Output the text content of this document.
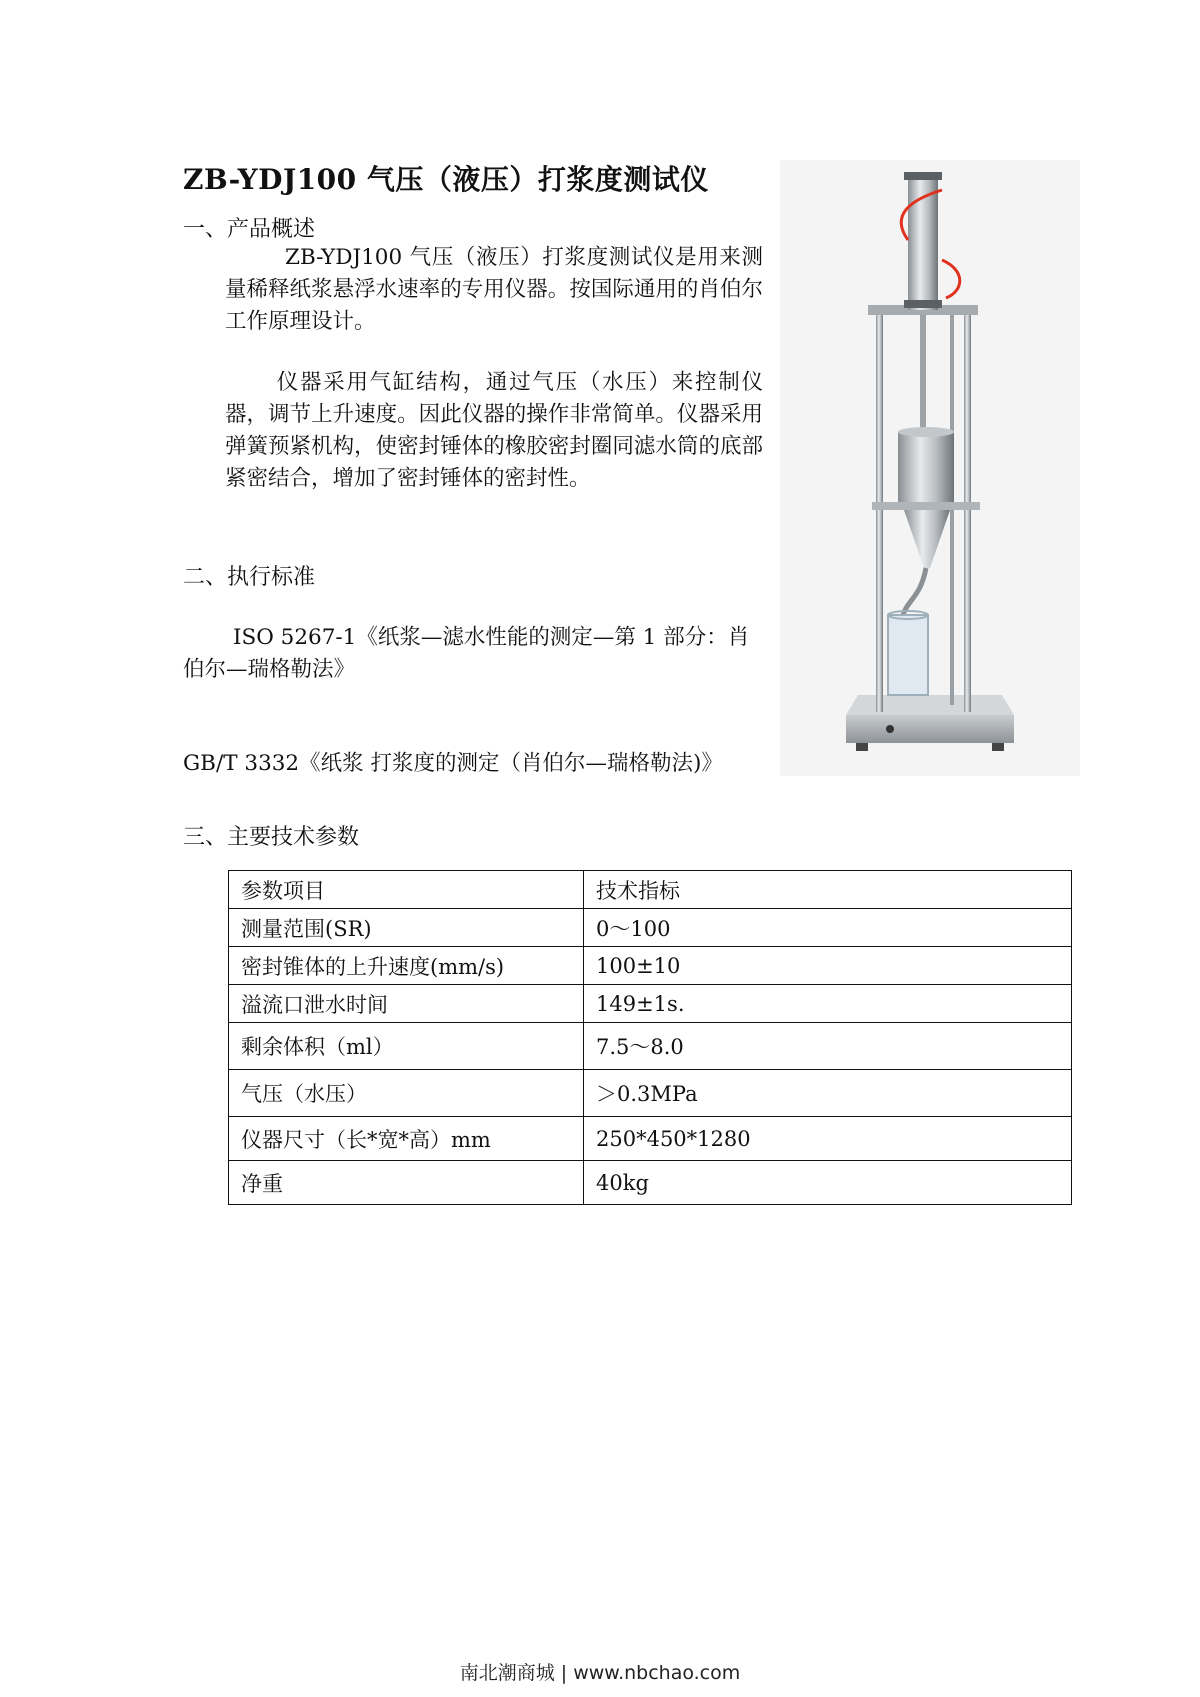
ZB-YDJ100 气压（液压）打浆度测试仪
一、产品概述
ZB-YDJ100 气压（液压）打浆度测试仪是用来测量稀释纸浆悬浮水速率的专用仪器。按国际通用的肖伯尔工作原理设计。
仪器采用气缸结构，通过气压（水压）来控制仪器，调节上升速度。因此仪器的操作非常简单。仪器采用弹簧预紧机构，使密封锤体的橡胶密封圈同滤水筒的底部紧密结合，增加了密封锤体的密封性。
二、执行标准
ISO 5267-1《纸浆—滤水性能的测定—第 1 部分：肖伯尔—瑞格勒法》
GB/T 3332《纸浆 打浆度的测定（肖伯尔—瑞格勒法)》
三、主要技术参数
参数项目	技术指标
测量范围(SR)	0～100
密封锥体的上升速度(mm/s)	100±10
溢流口泄水时间	149±1s.
剩余体积（ml）	7.5～8.0
气压（水压）	＞0.3MPa
仪器尺寸（长*宽*高）mm	250*450*1280
净重	40kg
南北潮商城 | www.nbchao.com
